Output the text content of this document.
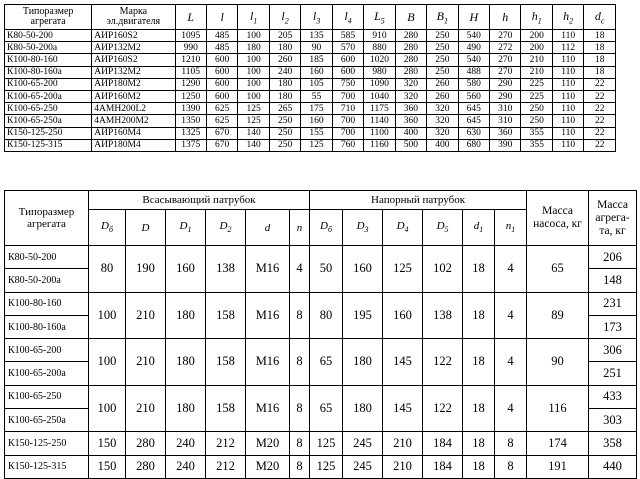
Типоразмер агрегата	Марка эл.двигателя	L	l	$l_1$	$l_2$	$l_3$	$l_4$	$L_5$	B	$B_1$	H	h	$h_1$	$h_2$	$d_c$
К80-50-200	АИР160S2	1095	485	100	205	135	585	910	280	250	540	270	200	110	18
К80-50-200а	АИР132М2	990	485	180	180	90	570	880	280	250	490	272	200	112	18
К100-80-160	АИР160S2	1210	600	100	260	185	600	1020	280	250	540	270	210	110	18
К100-80-160а	АИР132М2	1105	600	100	240	160	600	980	280	250	488	270	210	110	18
К100-65-200	АИР180М2	1290	600	100	180	105	750	1090	320	260	580	290	225	110	22
К100-65-200а	АИР160М2	1250	600	100	180	55	700	1040	320	260	560	290	225	110	22
К100-65-250	4АМН200L2	1390	625	125	265	175	710	1175	360	320	645	310	250	110	22
К100-65-250а	4АМН200М2	1350	625	125	250	160	700	1140	360	320	645	310	250	110	22
К150-125-250	АИР160М4	1325	670	140	250	155	700	1100	400	320	630	360	355	110	22
К150-125-315	АИР180М4	1375	670	140	250	125	760	1160	500	400	680	390	355	110	22
Типоразмер агрегата	Всасывающий патрубок						Напорный патрубок						Масса насоса, кг	Масса агрега-та, кг
	$D_б$	D	$D_1$	$D_2$	d	n	$D_б$	$D_3$	$D_4$	$D_5$	$d_1$	$n_1$
К80-50-200	80	190	160	138	М16	4	50	160	125	102	18	4	65	206
К80-50-200а														148
К100-80-160	100	210	180	158	М16	8	80	195	160	138	18	4	89	231
К100-80-160а														173
К100-65-200	100	210	180	158	М16	8	65	180	145	122	18	4	90	306
К100-65-200а														251
К100-65-250	100	210	180	158	М16	8	65	180	145	122	18	4	116	433
К100-65-250а														303
К150-125-250	150	280	240	212	М20	8	125	245	210	184	18	8	174	358
К150-125-315	150	280	240	212	М20	8	125	245	210	184	18	8	191	440
